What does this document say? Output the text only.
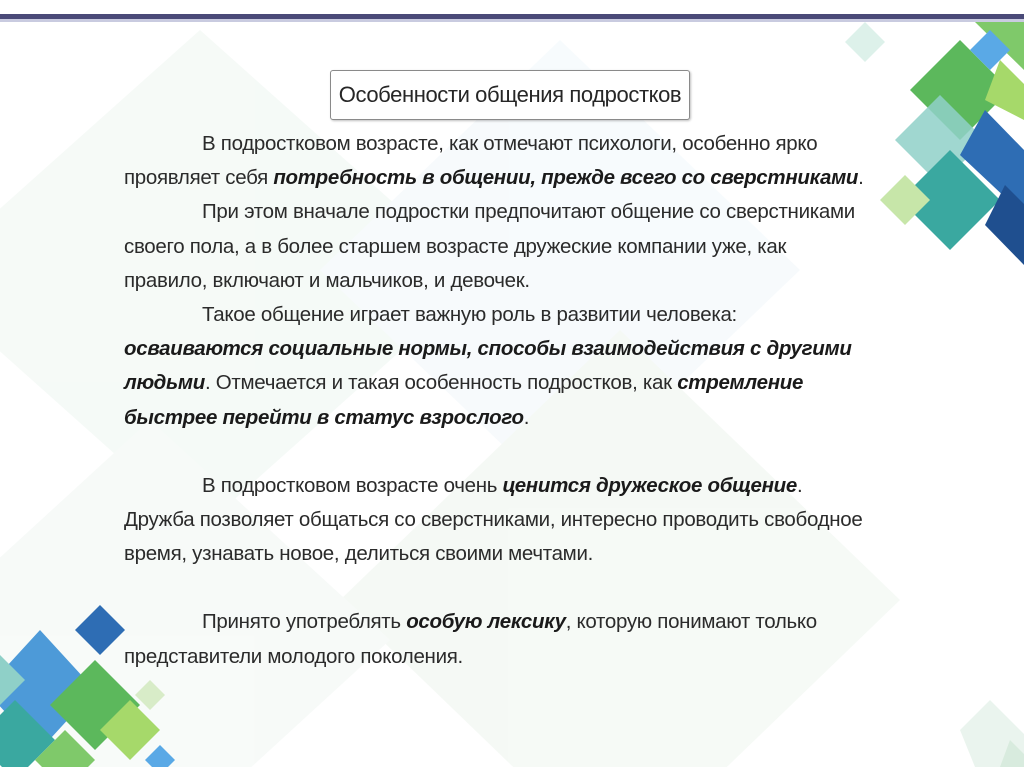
Особенности общения подростков

В подростковом возрасте, как отмечают психологи, особенно ярко проявляет себя потребность в общении, прежде всего со сверстниками.

При этом вначале подростки предпочитают общение со сверстниками своего пола, а в более старшем возрасте дружеские компании уже, как правило, включают и мальчиков, и девочек.

Такое общение играет важную роль в развитии человека: осваиваются социальные нормы, способы взаимодействия с другими людьми. Отмечается и такая особенность подростков, как стремление быстрее перейти в статус взрослого.

В подростковом возрасте очень ценится дружеское общение.

Дружба позволяет общаться со сверстниками, интересно проводить свободное время, узнавать новое, делиться своими мечтами.

Принято употреблять особую лексику, которую понимают только представители молодого поколения.
